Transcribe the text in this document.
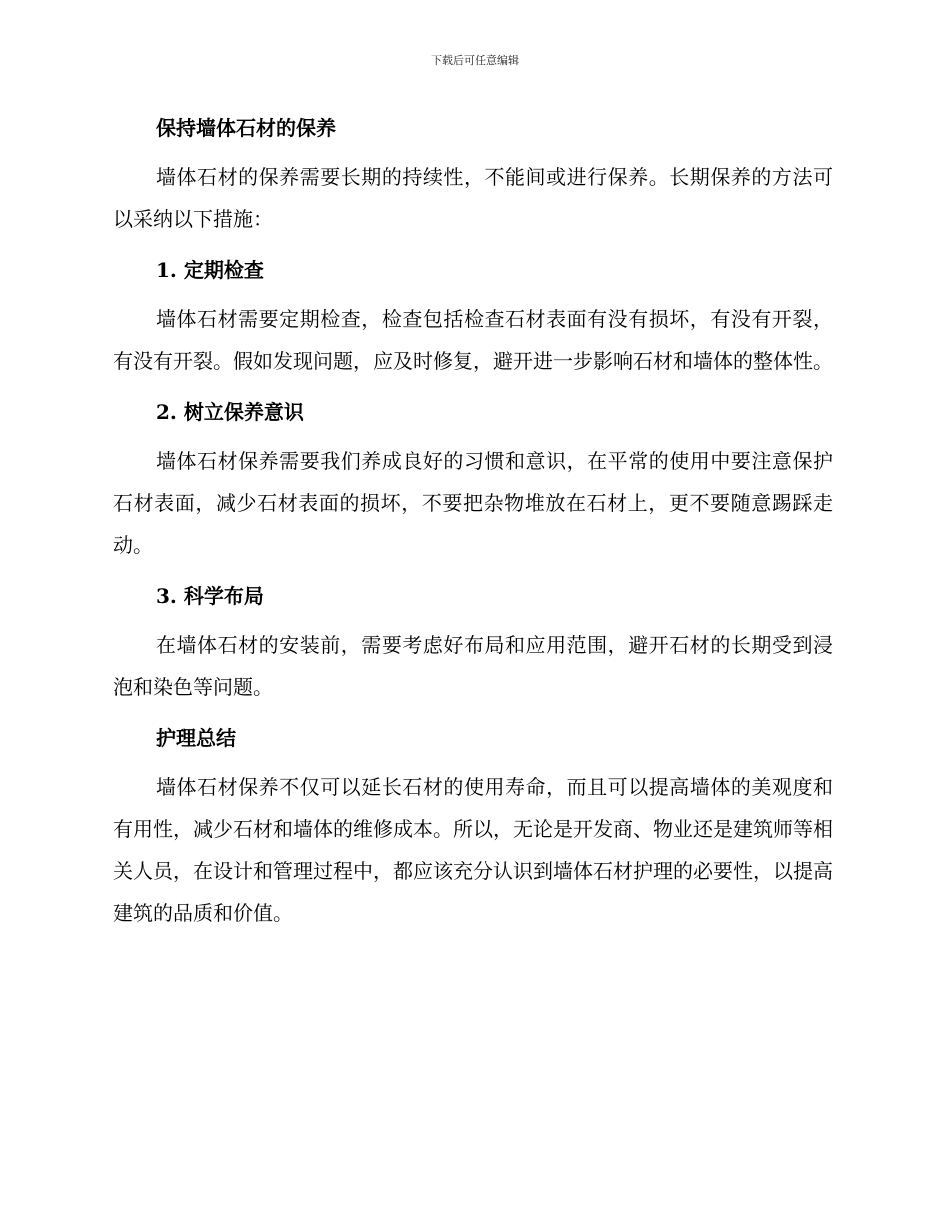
下载后可任意编辑
保持墙体石材的保养

墙体石材的保养需要长期的持续性，不能间或进行保养。长期保养的方法可以采纳以下措施：

1. 定期检查

墙体石材需要定期检查，检查包括检查石材表面有没有损坏，有没有开裂，有没有开裂。假如发现问题，应及时修复，避开进一步影响石材和墙体的整体性。

2. 树立保养意识

墙体石材保养需要我们养成良好的习惯和意识，在平常的使用中要注意保护石材表面，减少石材表面的损坏，不要把杂物堆放在石材上，更不要随意踢踩走动。

3. 科学布局

在墙体石材的安装前，需要考虑好布局和应用范围，避开石材的长期受到浸泡和染色等问题。

护理总结

墙体石材保养不仅可以延长石材的使用寿命，而且可以提高墙体的美观度和有用性，减少石材和墙体的维修成本。所以，无论是开发商、物业还是建筑师等相关人员，在设计和管理过程中，都应该充分认识到墙体石材护理的必要性，以提高建筑的品质和价值。
